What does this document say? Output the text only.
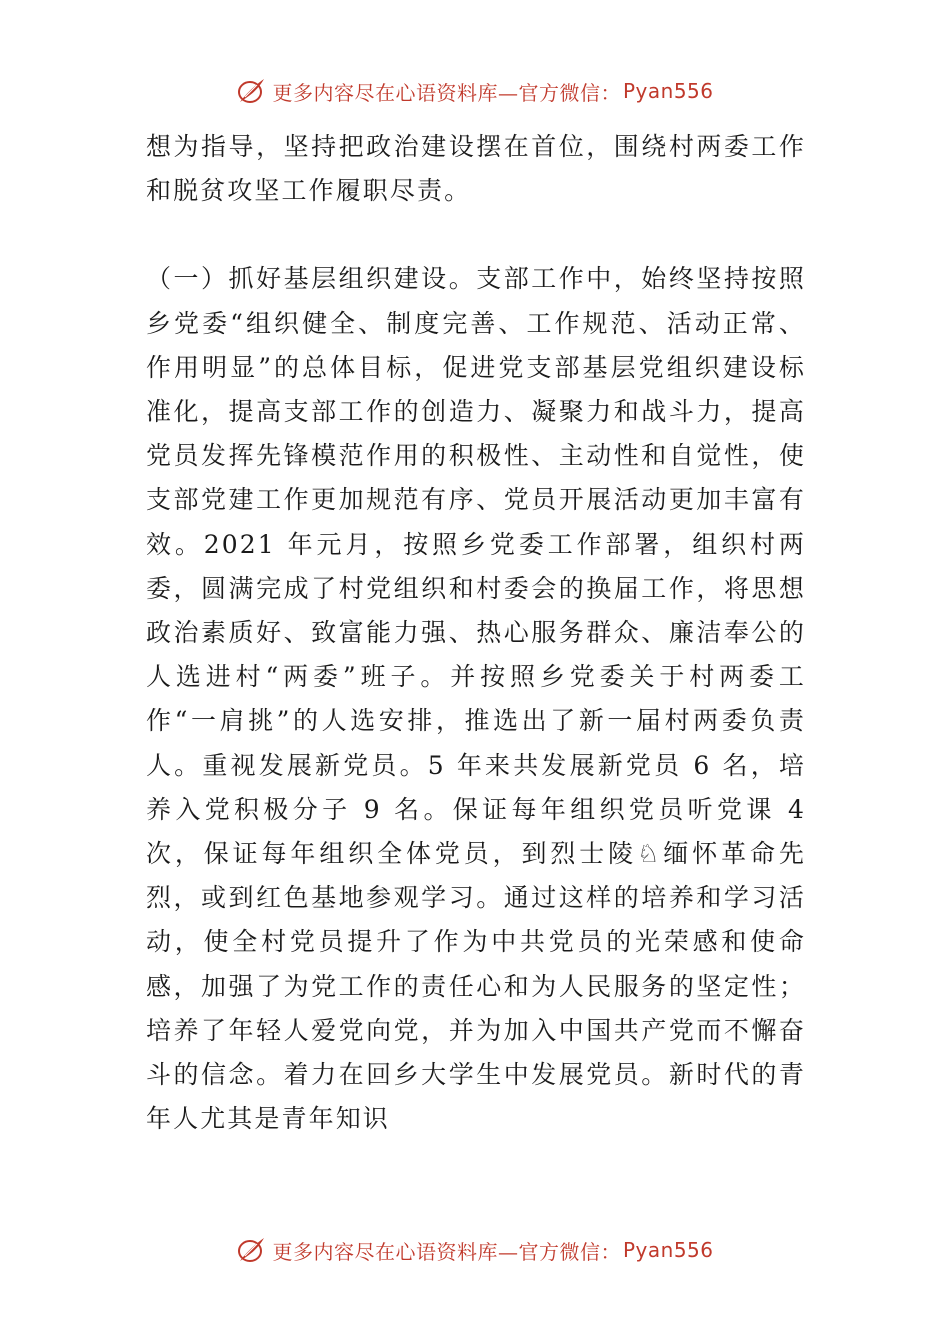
更多内容尽在心语资料库—官方微信： Pyan556

想为指导，坚持把政治建设摆在首位，围绕村两委工作和脱贫攻坚工作履职尽责。

（一）抓好基层组织建设。支部工作中，始终坚持按照乡党委“组织健全、制度完善、工作规范、活动正常、作用明显”的总体目标，促进党支部基层党组织建设标准化，提高支部工作的创造力、凝聚力和战斗力，提高党员发挥先锋模范作用的积极性、主动性和自觉性，使支部党建工作更加规范有序、党员开展活动更加丰富有效。2021 年元月，按照乡党委工作部署，组织村两委，圆满完成了村党组织和村委会的换届工作，将思想政治素质好、致富能力强、热心服务群众、廉洁奉公的人选进村“两委”班子。并按照乡党委关于村两委工作“一肩挑”的人选安排，推选出了新一届村两委负责人。重视发展新党员。5 年来共发展新党员 6 名，培养入党积极分子 9 名。保证每年组织党员听党课 4 次，保证每年组织全体党员，到烈士陵♘缅怀革命先烈，或到红色基地参观学习。通过这样的培养和学习活动，使全村党员提升了作为中共党员的光荣感和使命感，加强了为党工作的责任心和为人民服务的坚定性；培养了年轻人爱党向党，并为加入中国共产党而不懈奋斗的信念。着力在回乡大学生中发展党员。新时代的青年人尤其是青年知识

更多内容尽在心语资料库—官方微信： Pyan556
